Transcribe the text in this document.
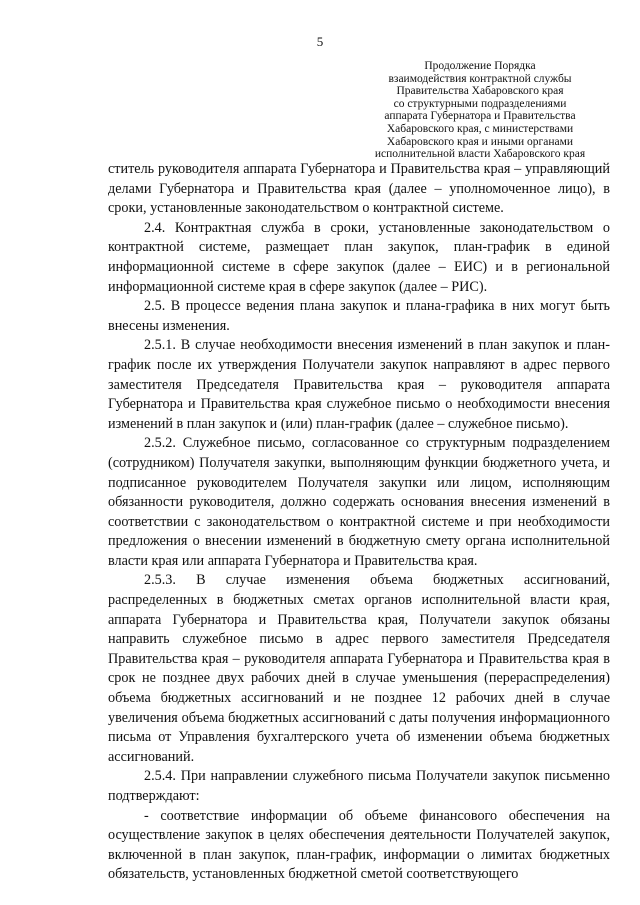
5
Продолжение Порядка
взаимодействия контрактной службы
Правительства Хабаровского края
со структурными подразделениями
аппарата Губернатора и Правительства
Хабаровского края, с министерствами
Хабаровского края и иными органами
исполнительной власти Хабаровского края

ститель руководителя аппарата Губернатора и Правительства края – управляющий делами Губернатора и Правительства края (далее – уполномоченное лицо), в сроки, установленные законодательством о контрактной системе.

2.4. Контрактная служба в сроки, установленные законодательством о контрактной системе, размещает план закупок, план-график в единой информационной системе в сфере закупок (далее – ЕИС) и в региональной информационной системе края в сфере закупок (далее – РИС).

2.5. В процессе ведения плана закупок и плана-графика в них могут быть внесены изменения.

2.5.1. В случае необходимости внесения изменений в план закупок и план-график после их утверждения Получатели закупок направляют в адрес первого заместителя Председателя Правительства края – руководителя аппарата Губернатора и Правительства края служебное письмо о необходимости внесения изменений в план закупок и (или) план-график (далее – служебное письмо).

2.5.2. Служебное письмо, согласованное со структурным подразделением (сотрудником) Получателя закупки, выполняющим функции бюджетного учета, и подписанное руководителем Получателя закупки или лицом, исполняющим обязанности руководителя, должно содержать основания внесения изменений в соответствии с законодательством о контрактной системе и при необходимости предложения о внесении изменений в бюджетную смету органа исполнительной власти края или аппарата Губернатора и Правительства края.

2.5.3. В случае изменения объема бюджетных ассигнований, распределенных в бюджетных сметах органов исполнительной власти края, аппарата Губернатора и Правительства края, Получатели закупок обязаны направить служебное письмо в адрес первого заместителя Председателя Правительства края – руководителя аппарата Губернатора и Правительства края в срок не позднее двух рабочих дней в случае уменьшения (перераспределения) объема бюджетных ассигнований и не позднее 12 рабочих дней в случае увеличения объема бюджетных ассигнований с даты получения информационного письма от Управления бухгалтерского учета об изменении объема бюджетных ассигнований.

2.5.4. При направлении служебного письма Получатели закупок письменно подтверждают:

- соответствие информации об объеме финансового обеспечения на осуществление закупок в целях обеспечения деятельности Получателей закупок, включенной в план закупок, план-график, информации о лимитах бюджетных обязательств, установленных бюджетной сметой соответствующего
